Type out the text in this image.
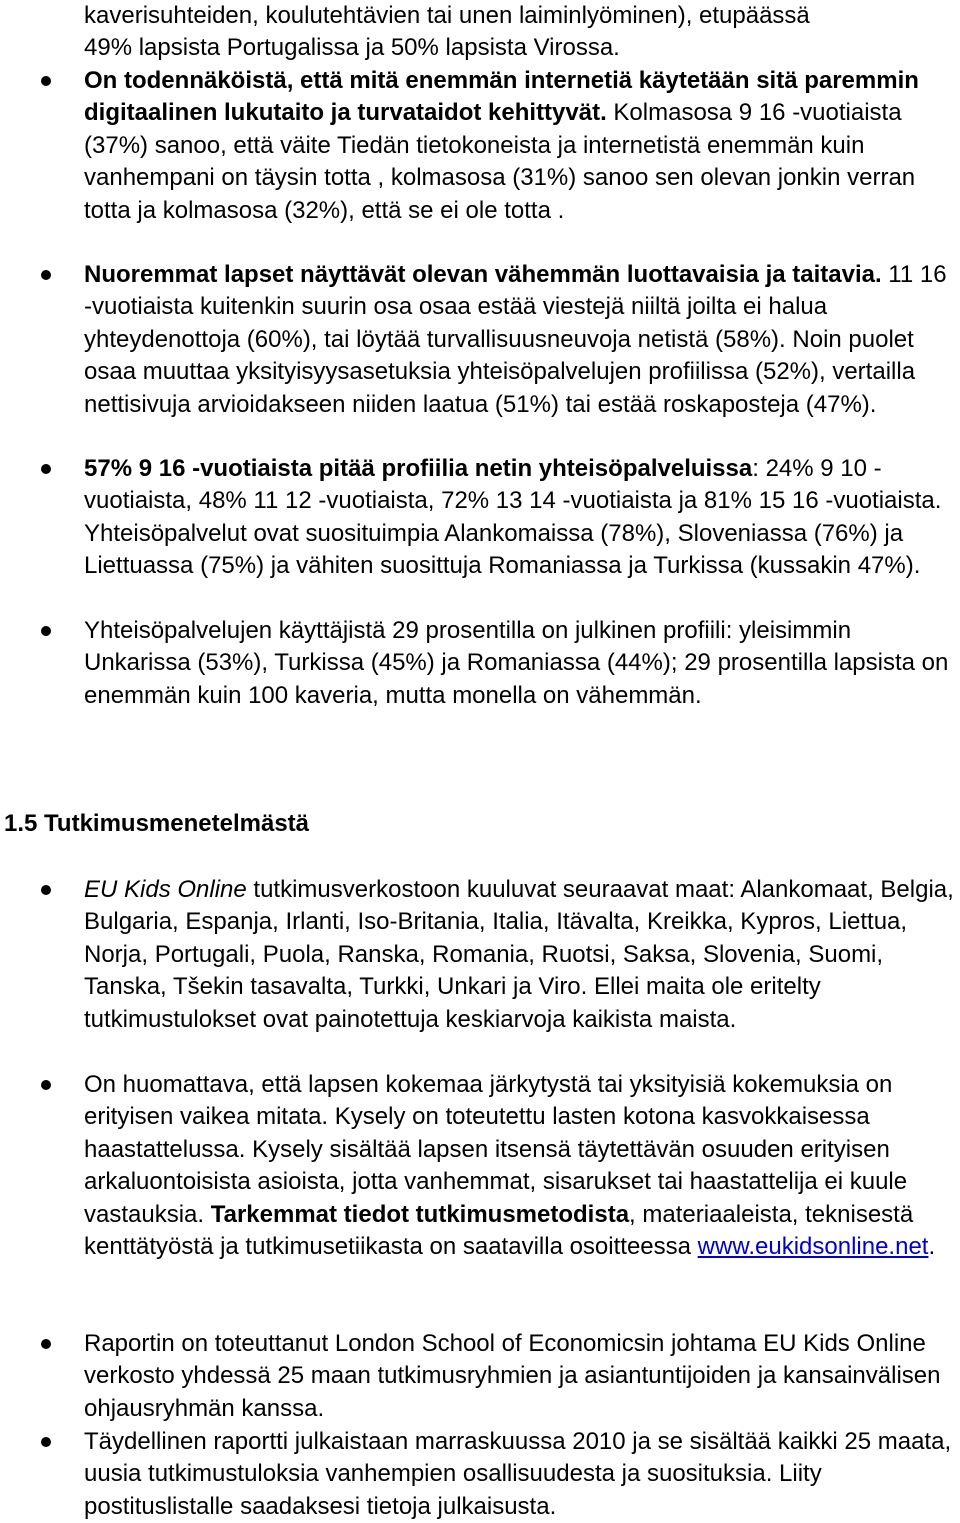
kaverisuhteiden, koulutehtävien tai unen laiminlyöminen), etupäässä
49% lapsista Portugalissa ja 50% lapsista Virossa.

On todennäköistä, että mitä enemmän internetiä käytetään sitä paremmin digitaalinen lukutaito ja turvataidot kehittyvät. Kolmasosa 9 16 -vuotiaista (37%) sanoo, että väite Tiedän tietokoneista ja internetistä enemmän kuin vanhempani on täysin totta , kolmasosa (31%) sanoo sen olevan jonkin verran totta ja kolmasosa (32%), että se ei ole totta .

Nuoremmat lapset näyttävät olevan vähemmän luottavaisia ja taitavia. 11 16 -vuotiaista kuitenkin suurin osa osaa estää viestejä niiltä joilta ei halua yhteydenottoja (60%), tai löytää turvallisuusneuvoja netistä (58%). Noin puolet osaa muuttaa yksityisyysasetuksia yhteisöpalvelujen profiilissa (52%), vertailla nettisivuja arvioidakseen niiden laatua (51%) tai estää roskaposteja (47%).

57% 9 16 -vuotiaista pitää profiilia netin yhteisöpalveluissa: 24% 9 10 -vuotiaista, 48% 11 12 -vuotiaista, 72% 13 14 -vuotiaista ja 81% 15 16 -vuotiaista. Yhteisöpalvelut ovat suosituimpia Alankomaissa (78%), Sloveniassa (76%) ja Liettuassa (75%) ja vähiten suosittuja Romaniassa ja Turkissa (kussakin 47%).

Yhteisöpalvelujen käyttäjistä 29 prosentilla on julkinen profiili: yleisimmin Unkarissa (53%), Turkissa (45%) ja Romaniassa (44%); 29 prosentilla lapsista on enemmän kuin 100 kaveria, mutta monella on vähemmän.

1.5 Tutkimusmenetelmästä

EU Kids Online tutkimusverkostoon kuuluvat seuraavat maat: Alankomaat, Belgia, Bulgaria, Espanja, Irlanti, Iso-Britania, Italia, Itävalta, Kreikka, Kypros, Liettua, Norja, Portugali, Puola, Ranska, Romania, Ruotsi, Saksa, Slovenia, Suomi, Tanska, Tšekin tasavalta, Turkki, Unkari ja Viro. Ellei maita ole eritelty tutkimustulokset ovat painotettuja keskiarvoja kaikista maista.

On huomattava, että lapsen kokemaa järkytystä tai yksityisiä kokemuksia on erityisen vaikea mitata. Kysely on toteutettu lasten kotona kasvokkaisessa haastattelussa. Kysely sisältää lapsen itsensä täytettävän osuuden erityisen arkaluontoisista asioista, jotta vanhemmat, sisarukset tai haastattelija ei kuule vastauksia. Tarkemmat tiedot tutkimusmetodista, materiaaleista, teknisestä kenttätyöstä ja tutkimusetiikasta on saatavilla osoitteessa www.eukidsonline.net.

Raportin on toteuttanut London School of Economicsin johtama EU Kids Online verkosto yhdessä 25 maan tutkimusryhmien ja asiantuntijoiden ja kansainvälisen ohjausryhmän kanssa.

Täydellinen raportti julkaistaan marraskuussa 2010 ja se sisältää kaikki 25 maata, uusia tutkimustuloksia vanhempien osallisuudesta ja suosituksia. Liity postituslistalle saadaksesi tietoja julkaisusta.
